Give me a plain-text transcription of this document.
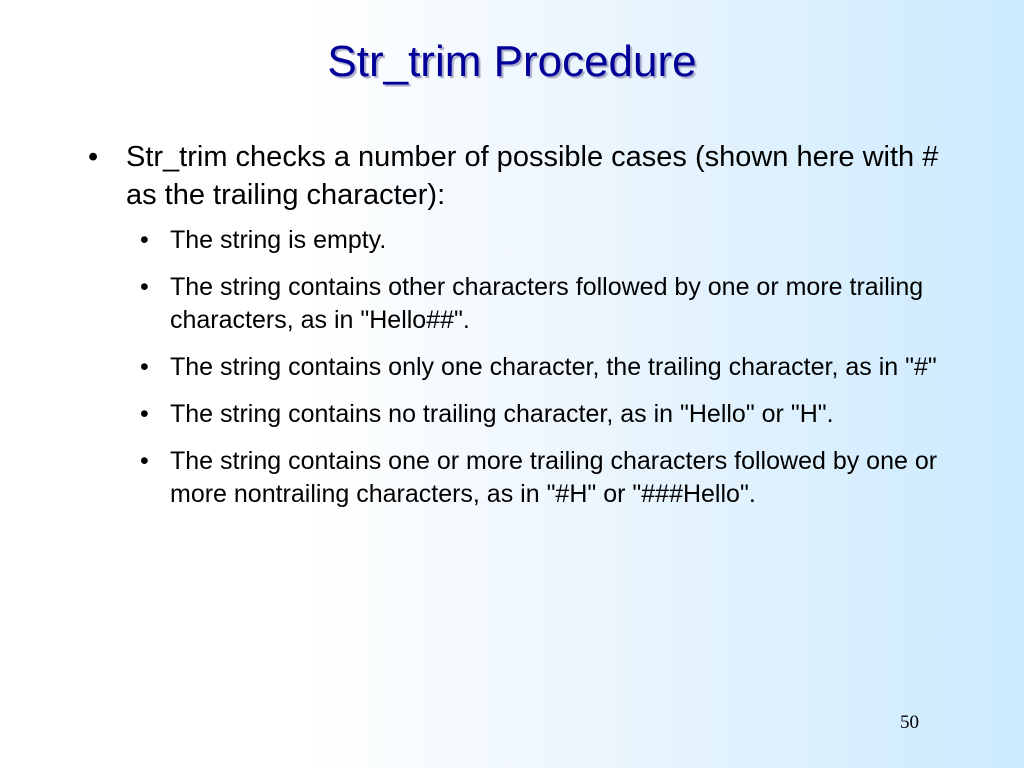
Str_trim Procedure
• Str_trim checks a number of possible cases (shown here with # as the trailing character):
• The string is empty.
• The string contains other characters followed by one or more trailing characters, as in "Hello##".
• The string contains only one character, the trailing character, as in "#"
• The string contains no trailing character, as in "Hello" or "H".
• The string contains one or more trailing characters followed by one or more nontrailing characters, as in "#H" or "###Hello".
50
